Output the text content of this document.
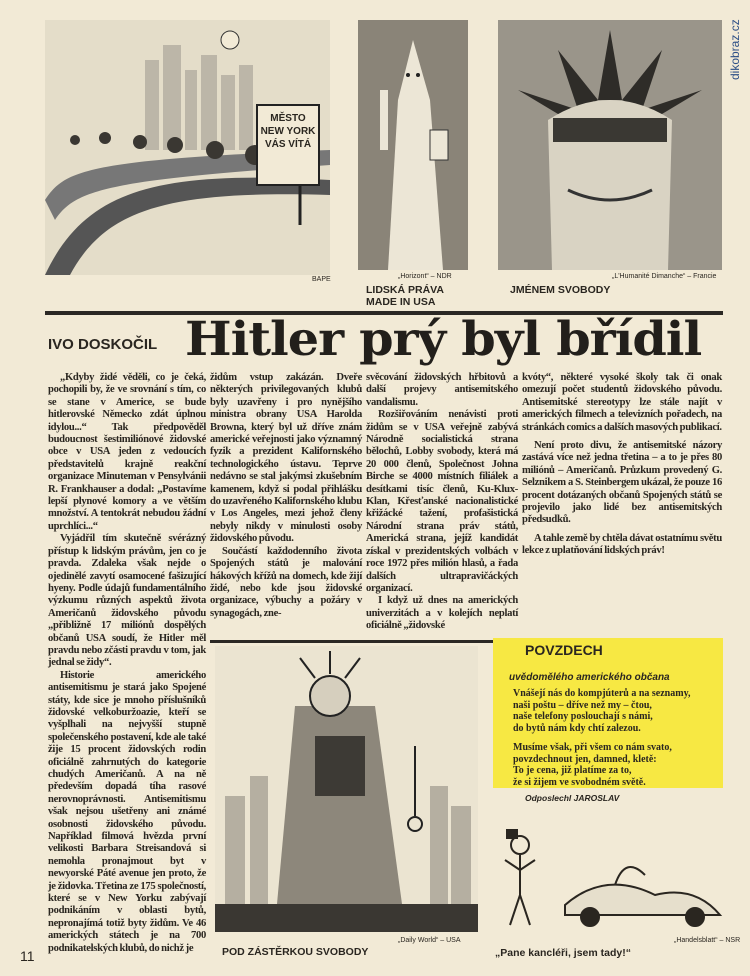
dikobraz.cz
MĚSTO NEW YORK VÁS VÍTÁ
BAPE	„Horizont“ – NDR
LIDSKÁ PRÁVA MADE IN USA
„L'Humanité Dimanche“ – Francie
JMÉNEM SVOBODY
IVO DOSKOČIL Hitler prý byl břídil

„Kdyby židé věděli, co je čeká, pochopili by, že ve srovnání s tím, co se stane v Americe, se bude hitlerovské Německo zdát úplnou idylou...“ Tak předpověděl budoucnost šestimiliónové židovské obce v USA jeden z vedoucích představitelů krajně reakční organizace Minuteman v Pensylvánii R. Frankhauser a dodal: „Postavíme lepší plynové komory a ve větším množství. A tentokrát nebudou žádní uprchlíci...“

Vyjádřil tím skutečně svérázný přístup k lidským právům, jen co je pravda. Zdaleka však nejde o ojedinělé zavytí osamocené fašizující hyeny. Podle údajů fundamentálního výzkumu různých aspektů života Američanů židovského původu „přibližně 17 miliónů dospělých občanů USA soudí, že Hitler měl pravdu nebo zčásti pravdu v tom, jak jednal se židy“.

Historie amerického antisemitismu je stará jako Spojené státy, kde sice je mnoho příslušníků židovské velkoburžoazie, kteří se vyšplhali na nejvyšší stupně společenského postavení, kde ale také žije 15 procent židovských rodin oficiálně zahrnutých do kategorie chudých Američanů. A na ně především dopadá tíha rasové nerovnoprávnosti. Antisemitismu však nejsou ušetřeny ani známé osobnosti židovského původu. Například filmová hvězda první velikosti Barbara Streisandová si nemohla pronajmout byt v newyorské Páté avenue jen proto, že je židovka. Třetina ze 175 společností, které se v New Yorku zabývají podnikáním v oblasti bytů, nepronajímá totiž byty židům. Ve 46 amerických státech je na 700 podnikatelských klubů, do nichž je

židům vstup zakázán. Dveře některých privilegovaných klubů byly uzavřeny i pro nynějšího ministra obrany USA Harolda Browna, který byl už dříve znám americké veřejnosti jako významný fyzik a prezident Kalifornského technologického ústavu. Teprve nedávno se stal jakýmsi zkušebním kamenem, když si podal přihlášku do uzavřeného Kalifornského klubu v Los Angeles, mezi jehož členy nebyly nikdy v minulosti osoby židovského původu.

Součástí každodenního života Spojených států je malování hákových křížů na domech, kde žijí židé, nebo kde jsou židovské organizace, výbuchy a požáry v synagogách, zne-

svěcování židovských hřbitovů a další projevy antisemitského vandalismu.

Rozšiřováním nenávisti proti židům se v USA veřejně zabývá Národně socialistická strana bělochů, Lobby svobody, která má 20 000 členů, Společnost Johna Birche se 4000 místních filiálek a desítkami tisíc členů, Ku-Klux-Klan, Křesťanské nacionalistické křižácké tažení, profašistická Národní strana práv států, Americká strana, jejíž kandidát získal v prezidentských volbách v roce 1972 přes milión hlasů, a řada dalších ultrapravičáckých organizací.

I když už dnes na amerických univerzitách a v kolejích neplatí oficiálně „židovské

kvóty“, některé vysoké školy tak či onak omezují počet studentů židovského původu. Antisemitské stereotypy lze stále najít v amerických filmech a televizních pořadech, na stránkách comics a dalších masových publikací.

Není proto divu, že antisemitské názory zastává více než jedna třetina – a to je přes 80 miliónů – Američanů. Průzkum provedený G. Selznikem a S. Steinbergem ukázal, že pouze 16 procent dotázaných občanů Spojených států se projevilo jako lidé bez antisemitských předsudků.

A tahle země by chtěla dávat ostatnímu světu lekce z uplatňování lidských práv!

„Daily World“ – USA
POD ZÁSTĚRKOU SVOBODY
POVZDECH
uvědomělého amerického občana
Vnášejí nás do kompjúterů a na seznamy,
naši poštu – dříve než my – čtou,
naše telefony poslouchají s námi,
do bytů nám kdy chtí zalezou.
Musíme však, při všem co nám svato,
povzdechnout jen, damned, kletě:
To je cena, již platíme za to,
že si žijem ve svobodném světě.
Odposlechl JAROSLAV
„Handelsblatt“ – NSR
„Pane kancléři, jsem tady!“
11
